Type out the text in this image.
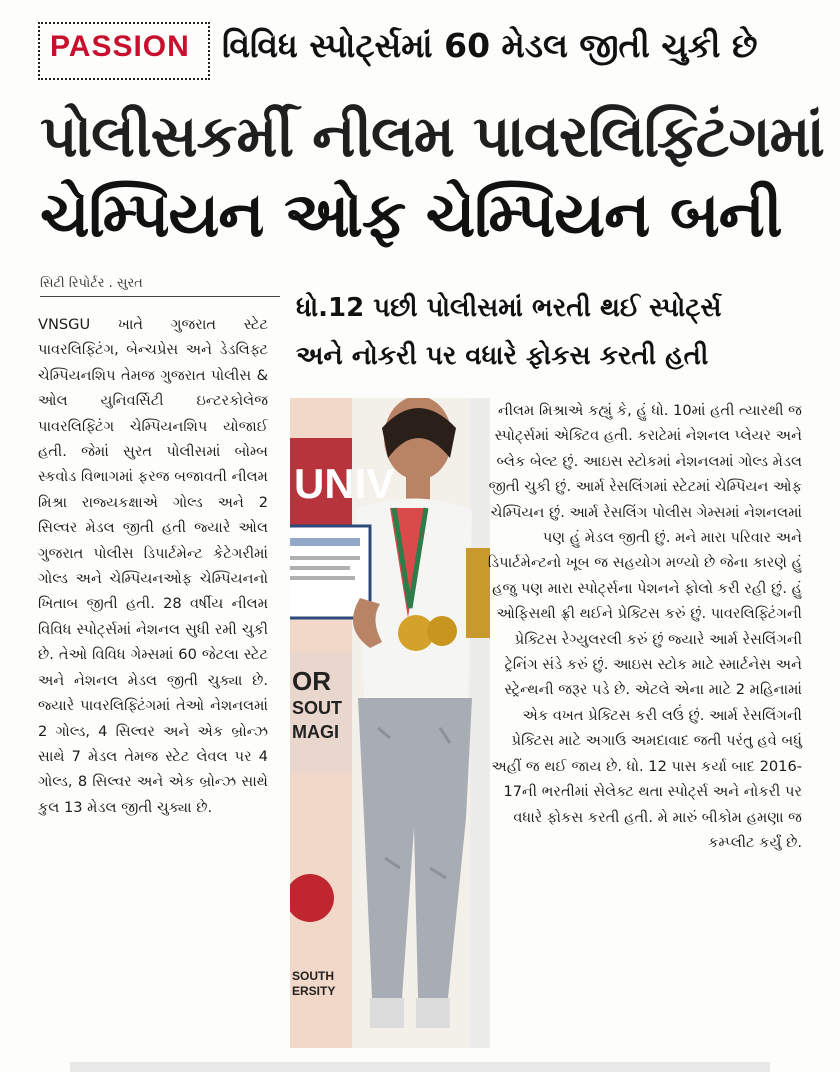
PASSION વિવિધ સ્પોર્ટ્સમાં 60 મેડલ જીતી ચુકી છે
પોલીસકર્મી નીલમ પાવરલિફ્ટિંગમાં
ચેમ્પિયન ઓફ ચેમ્પિયન બની
સિટી રિપોર્ટર . સુરત
ધો.12 પછી પોલીસમાં ભરતી થઈ સ્પોર્ટ્સ
અને નોકરી પર વધારે ફોકસ કરતી હતી

VNSGU ખાતે ગુજરાત સ્ટેટ પાવરલિફ્ટિંગ, બેન્ચપ્રેસ અને ડેડલિફ્ટ ચેમ્પિયનશિપ તેમજ ગુજરાત પોલીસ & ઓલ યુનિવર્સિટી ઇન્ટરકોલેજ પાવરલિફ્ટિંગ ચેમ્પિયનશિપ યોજાઈ હતી. જેમાં સુરત પોલીસમાં બોમ્બ સ્કવોડ વિભાગમાં ફરજ બજાવતી નીલમ મિશ્રા રાજ્યકક્ષાએ ગોલ્ડ અને 2 સિલ્વર મેડલ જીતી હતી જ્યારે ઓલ ગુજરાત પોલીસ ડિપાર્ટમેન્ટ કેટેગરીમાં ગોલ્ડ અને ચેમ્પિયનઓફ ચેમ્પિયનનો ખિતાબ જીતી હતી. 28 વર્ષીય નીલમ વિવિધ સ્પોર્ટ્સમાં નેશનલ સુધી રમી ચુકી છે. તેઓ વિવિધ ગેમ્સમાં 60 જેટલા સ્ટેટ અને નેશનલ મેડલ જીતી ચુક્યા છે. જ્યારે પાવરલિફ્ટિંગમાં તેઓ નેશનલમાં 2 ગોલ્ડ, 4 સિલ્વર અને એક બ્રોન્ઝ સાથે 7 મેડલ તેમજ સ્ટેટ લેવલ પર 4 ગોલ્ડ, 8 સિલ્વર અને એક બ્રોન્ઝ સાથે કુલ 13 મેડલ જીતી ચુક્યા છે.

UNIV
OR
SOUT
MAGI
SOUTH
ERSITY

નીલમ મિશ્રાએ કહ્યું કે, હું ધો. 10માં હતી ત્યારથી જ સ્પોર્ટ્સમાં એક્ટિવ હતી. કરાટેમાં નેશનલ પ્લેયર અને બ્લેક બેલ્ટ છું. આઇસ સ્ટોકમાં નેશનલમાં ગોલ્ડ મેડલ જીતી ચુકી છું. આર્મ રેસલિંગમાં સ્ટેટમાં ચેમ્પિયન ઓફ ચેમ્પિયન છું. આર્મ રેસલિંગ પોલીસ ગેમ્સમાં નેશનલમાં પણ હું મેડલ જીતી છું. મને મારા પરિવાર અને ડિપાર્ટમેન્ટનો ખૂબ જ સહયોગ મળ્યો છે જેના કારણે હું હજુ પણ મારા સ્પોર્ટ્સના પેશનને ફોલો કરી રહી છું. હું ઓફિસથી ફ્રી થઈને પ્રેક્ટિસ કરું છું. પાવરલિફ્ટિંગની પ્રેક્ટિસ રેગ્યુલરલી કરું છું જ્યારે આર્મ રેસલિંગની ટ્રેનિંગ સંડે કરું છું. આઇસ સ્ટોક માટે સ્માર્ટનેસ અને સ્ટ્રેન્થની જરૂર પડે છે. એટલે એના માટે 2 મહિનામાં એક વખત પ્રેક્ટિસ કરી લઉં છું. આર્મ રેસલિંગની પ્રેક્ટિસ માટે અગાઉ અમદાવાદ જતી પરંતુ હવે બધું અહીં જ થઈ જાય છે. ધો. 12 પાસ કર્યા બાદ 2016-17ની ભરતીમાં સેલેક્ટ થતા સ્પોર્ટ્સ અને નોકરી પર વધારે ફોકસ કરતી હતી. મે મારું બીકોમ હમણા જ કમ્પ્લીટ કર્યું છે.
